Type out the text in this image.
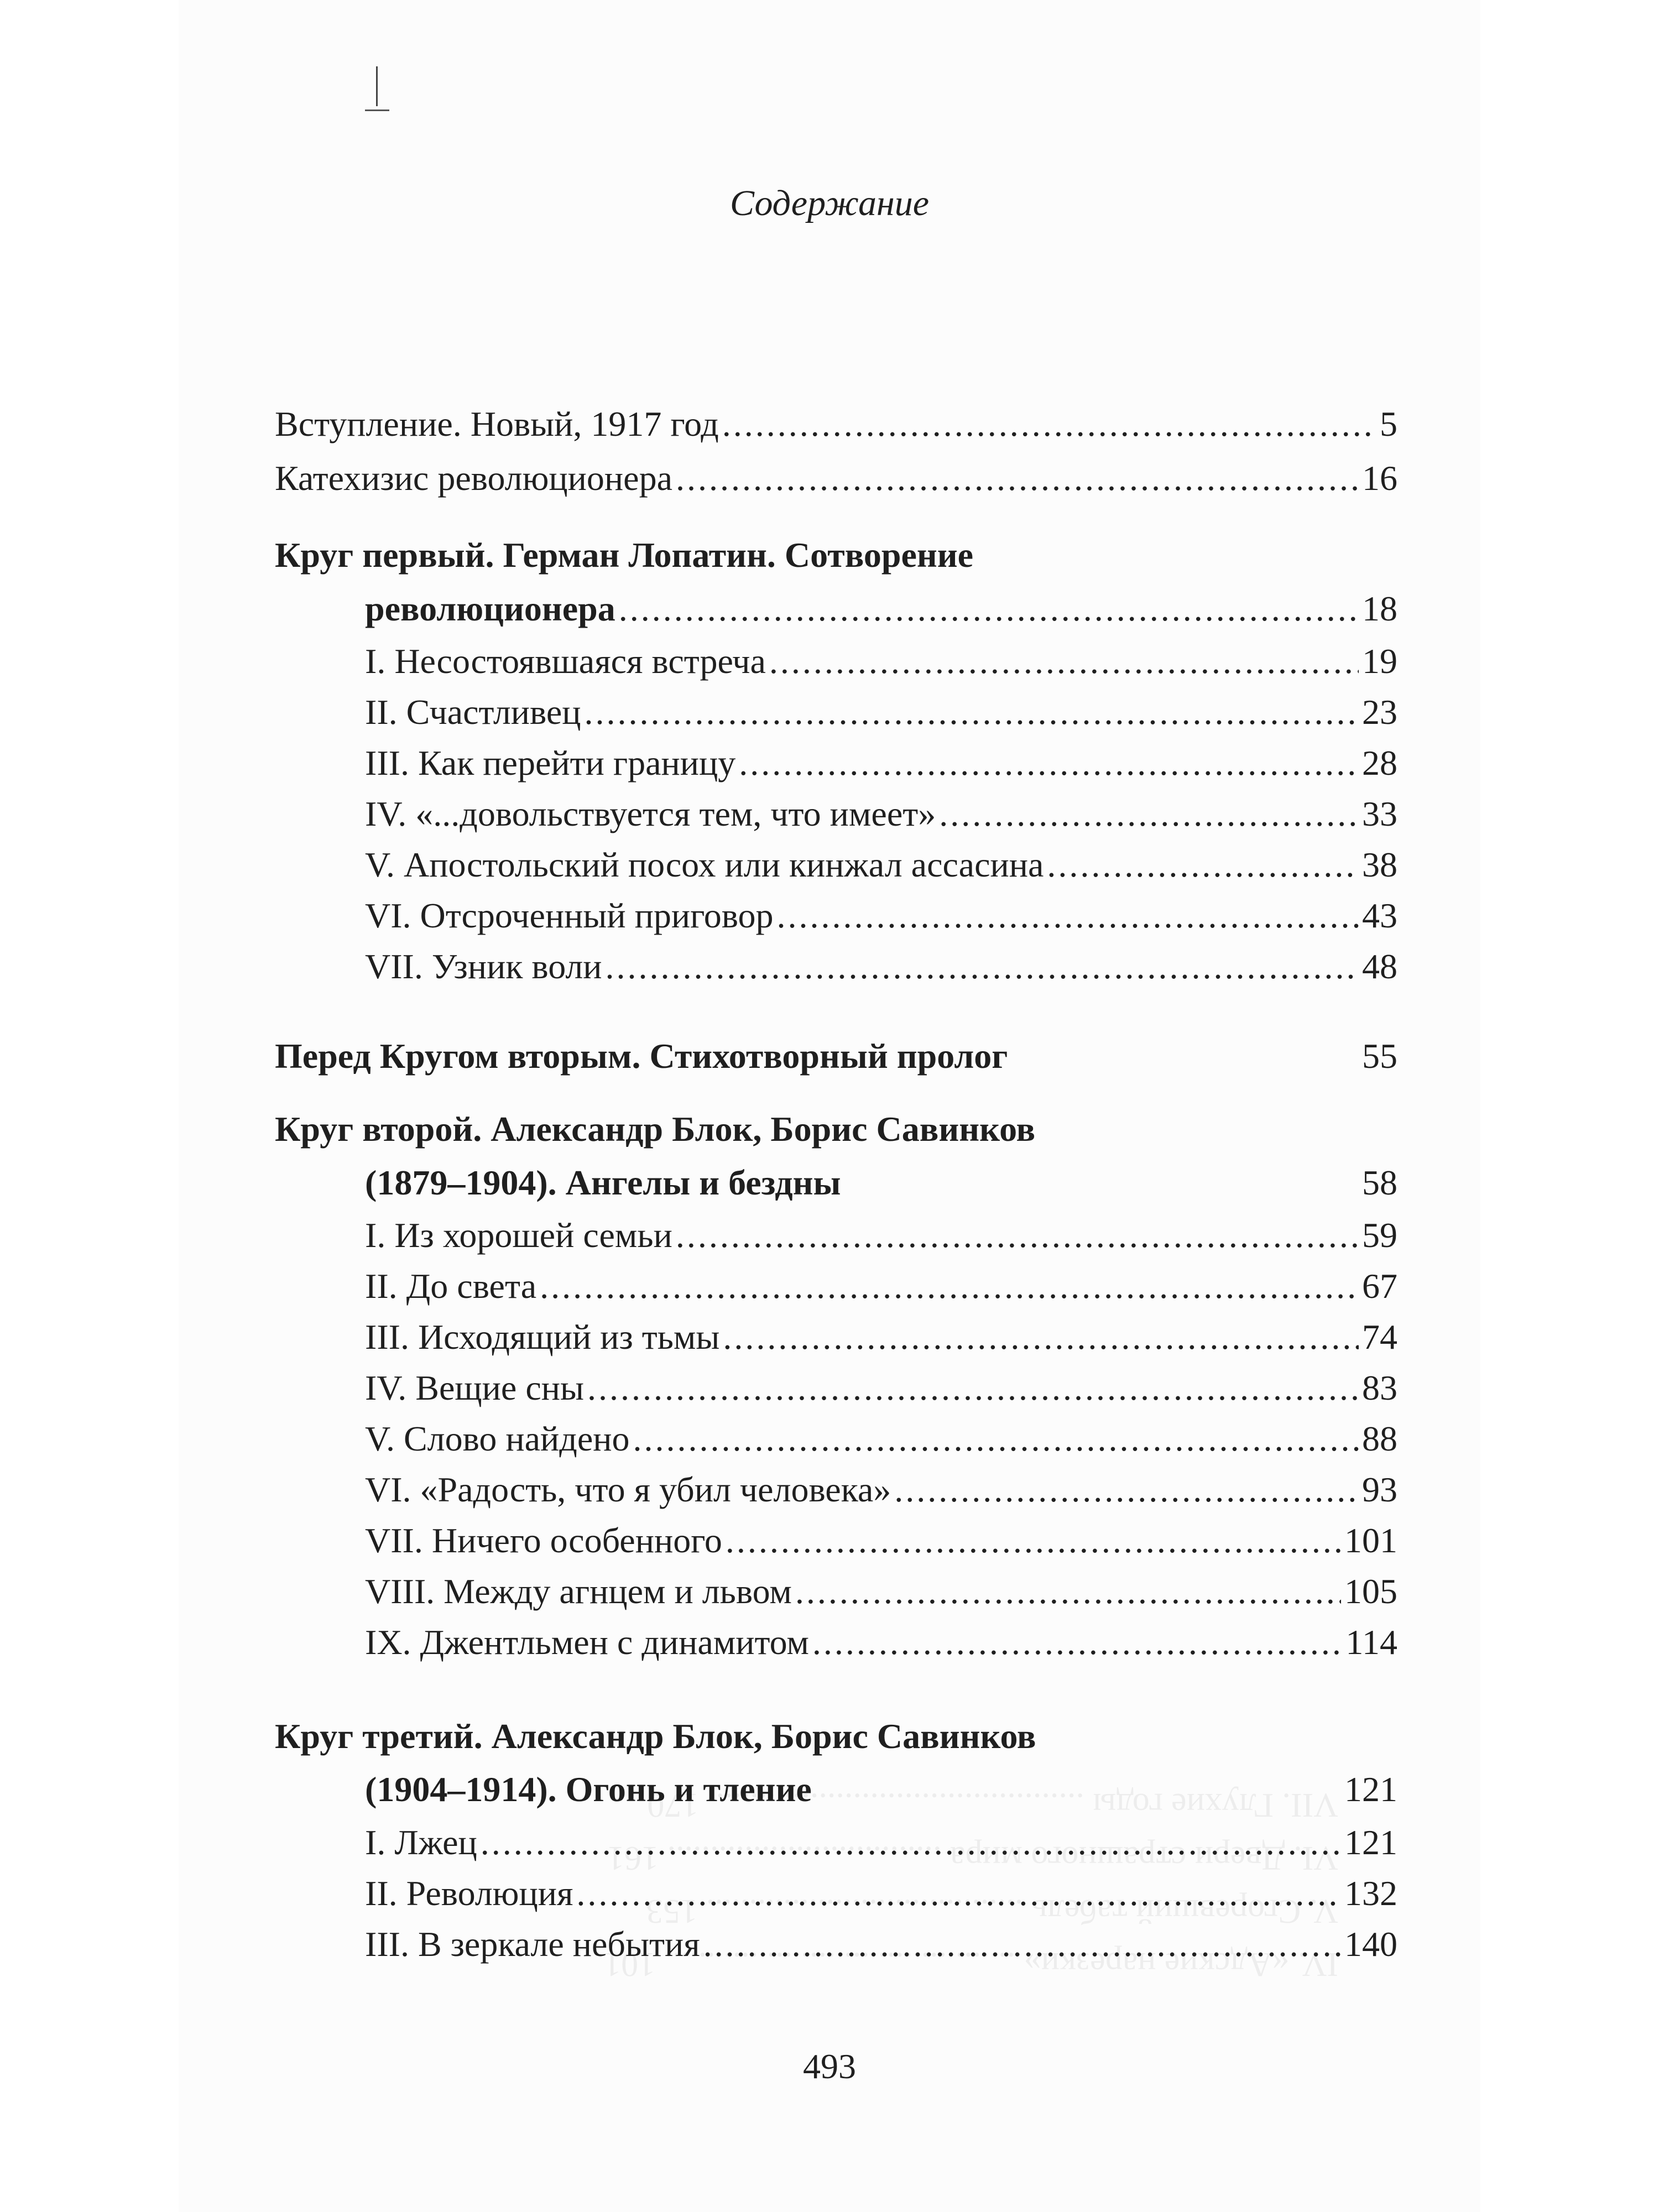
Содержание
Вступление. Новый, 1917 год .....	5
Катехизис революционера .....	16
Круг первый. Герман Лопатин. Сотворение
революционера .....	18
I. Несостоявшаяся встреча .....	19
II. Счастливец .....	23
III. Как перейти границу .....	28
IV. «...довольствуется тем, что имеет» .....	33
V. Апостольский посох или кинжал ассасина .....	38
VI. Отсроченный приговор .....	43
VII. Узник воли .....	48
Перед Кругом вторым. Стихотворный пролог	55
Круг второй. Александр Блок, Борис Савинков
(1879–1904). Ангелы и бездны	58
I. Из хорошей семьи .....	59
II. До света .....	67
III. Исходящий из тьмы .....	74
IV. Вещие сны .....	83
V. Слово найдено .....	88
VI. «Радость, что я убил человека» .....	93
VII. Ничего особенного .....	101
VIII. Между агнцем и львом .....	105
IX. Джентльмен с динамитом .....	114
Круг третий. Александр Блок, Борис Савинков
(1904–1914). Огонь и тление	121
I. Лжец .....	121
II. Революция .....	132
III. В зеркале небытия .....	140
493
